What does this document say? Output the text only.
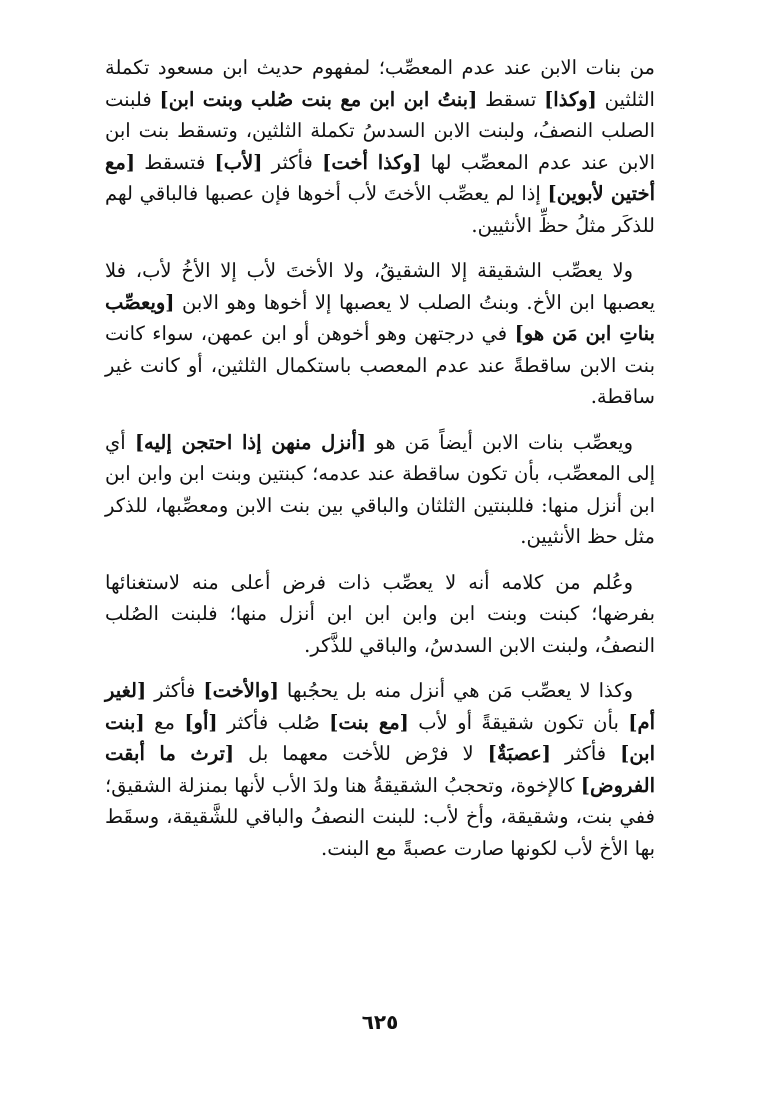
من بنات الابن عند عدم المعصِّب؛ لمفهوم حديث ابن مسعود تكملة الثلثين [وكذا] تسقط [بنتُ ابن ابن مع بنت صُلب وبنت ابن] فلبنت الصلب النصفُ، ولبنت الابن السدسُ تكملة الثلثين، وتسقط بنت ابن الابن عند عدم المعصِّب لها [وكذا أخت] فأكثر [لأب] فتسقط [مع أختين لأبوين] إذا لم يعصِّب الأختَ لأب أخوها فإن عصبها فالباقي لهم للذكَر مثلُ حظِّ الأنثيين.

ولا يعصِّب الشقيقة إلا الشقيقُ، ولا الأختَ لأب إلا الأخُ لأب، فلا يعصبها ابن الأخ. وبنتُ الصلب لا يعصبها إلا أخوها وهو الابن [ويعصِّب بناتِ ابن مَن هو] في درجتهن وهو أخوهن أو ابن عمهن، سواء كانت بنت الابن ساقطةً عند عدم المعصب باستكمال الثلثين، أو كانت غير ساقطة.

ويعصِّب بنات الابن أيضاً مَن هو [أنزل منهن إذا احتجن إليه] أي إلى المعصِّب، بأن تكون ساقطة عند عدمه؛ كبنتين وبنت ابن وابن ابن ابن أنزل منها: فللبنتين الثلثان والباقي بين بنت الابن ومعصِّبها، للذكر مثل حظ الأنثيين.

وعُلم من كلامه أنه لا يعصِّب ذات فرض أعلى منه لاستغنائها بفرضها؛ كبنت وبنت ابن وابن ابن ابن أنزل منها؛ فلبنت الصُلب النصفُ، ولبنت الابن السدسُ، والباقي للذَّكر.

وكذا لا يعصِّب مَن هي أنزل منه بل يحجُبها [والأخت] فأكثر [لغير أم] بأن تكون شقيقةً أو لأب [مع بنت] صُلب فأكثر [أو] مع [بنت ابن] فأكثر [عصبَةٌ] لا فرْض للأخت معهما بل [ترث ما أبقت الفروض] كالإخوة، وتحجبُ الشقيقةُ هنا ولدَ الأب لأنها بمنزلة الشقيق؛ ففي بنت، وشقيقة، وأخ لأب: للبنت النصفُ والباقي للشَّقيقة، وسقَط بها الأخ لأب لكونها صارت عصبةً مع البنت.

٦٢٥
